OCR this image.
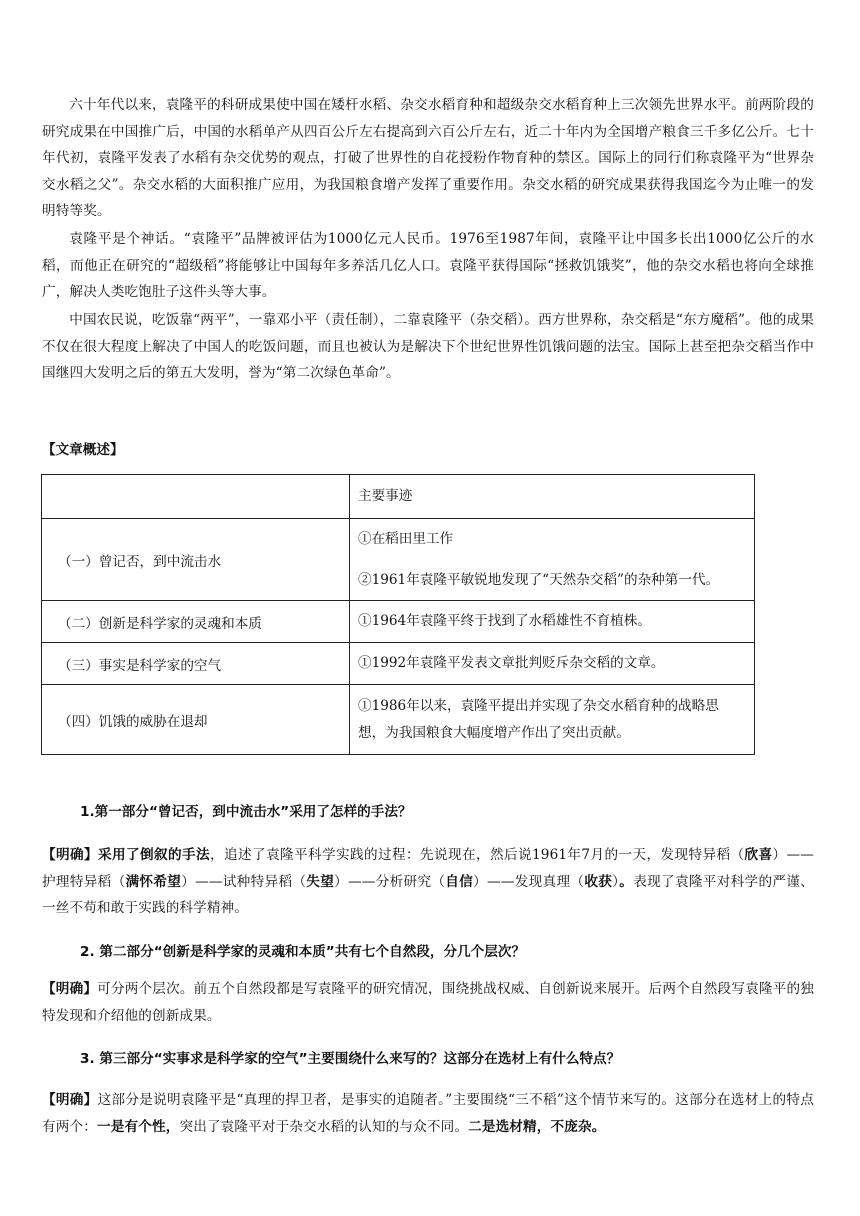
六十年代以来，袁隆平的科研成果使中国在矮杆水稻、杂交水稻育种和超级杂交水稻育种上三次领先世界水平。前两阶段的研究成果在中国推广后，中国的水稻单产从四百公斤左右提高到六百公斤左右，近二十年内为全国增产粮食三千多亿公斤。七十年代初，袁隆平发表了水稻有杂交优势的观点，打破了世界性的自花授粉作物育种的禁区。国际上的同行们称袁隆平为“世界杂交水稻之父”。杂交水稻的大面积推广应用，为我国粮食增产发挥了重要作用。杂交水稻的研究成果获得我国迄今为止唯一的发明特等奖。

袁隆平是个神话。“袁隆平”品牌被评估为1000亿元人民币。1976至1987年间，袁隆平让中国多长出1000亿公斤的水稻，而他正在研究的“超级稻”将能够让中国每年多养活几亿人口。袁隆平获得国际“拯救饥饿奖”，他的杂交水稻也将向全球推广，解决人类吃饱肚子这件头等大事。

中国农民说，吃饭靠“两平”，一靠邓小平（责任制），二靠袁隆平（杂交稻）。西方世界称，杂交稻是“东方魔稻”。他的成果不仅在很大程度上解决了中国人的吃饭问题，而且也被认为是解决下个世纪世界性饥饿问题的法宝。国际上甚至把杂交稻当作中国继四大发明之后的第五大发明，誉为“第二次绿色革命”。

【文章概述】

	主要事迹
（一）曾记否，到中流击水	①在稻田里工作
②1961年袁隆平敏锐地发现了“天然杂交稻”的杂种第一代。

（二）创新是科学家的灵魂和本质	①1964年袁隆平终于找到了水稻雄性不育植株。

（三）事实是科学家的空气	①1992年袁隆平发表文章批判贬斥杂交稻的文章。

（四）饥饿的威胁在退却	①1986年以来，袁隆平提出并实现了杂交水稻育种的战略思想，为我国粮食大幅度增产作出了突出贡献。

1.第一部分“曾记否，到中流击水”采用了怎样的手法？

【明确】采用了倒叙的手法，追述了袁隆平科学实践的过程：先说现在，然后说1961年7月的一天，发现特异稻（欣喜）——护理特异稻（满怀希望）——试种特异稻（失望）——分析研究（自信）——发现真理（收获）。表现了袁隆平对科学的严谨、一丝不苟和敢于实践的科学精神。

2. 第二部分“创新是科学家的灵魂和本质”共有七个自然段，分几个层次？

【明确】可分两个层次。前五个自然段都是写袁隆平的研究情况，围绕挑战权威、自创新说来展开。后两个自然段写袁隆平的独特发现和介绍他的创新成果。

3. 第三部分“实事求是科学家的空气”主要围绕什么来写的？这部分在选材上有什么特点？

【明确】这部分是说明袁隆平是“真理的捍卫者，是事实的追随者。”主要围绕“三不稻”这个情节来写的。这部分在选材上的特点有两个：一是有个性，突出了袁隆平对于杂交水稻的认知的与众不同。二是选材精，不庞杂。
